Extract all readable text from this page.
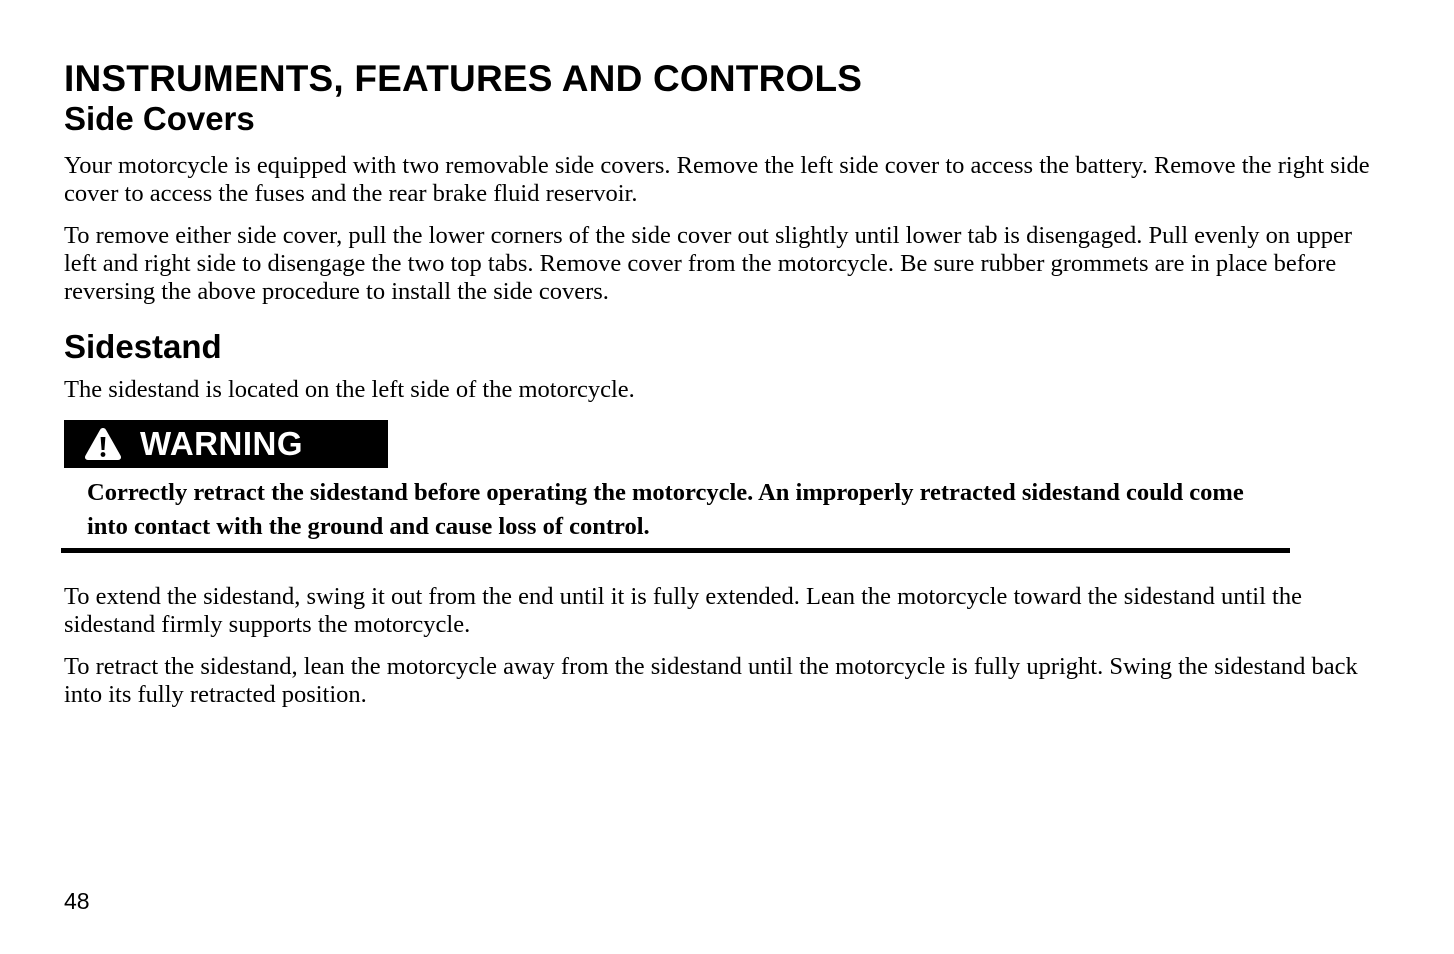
INSTRUMENTS, FEATURES AND CONTROLS
Side Covers

Your motorcycle is equipped with two removable side covers. Remove the left side cover to access the battery. Remove the right side cover to access the fuses and the rear brake fluid reservoir.

To remove either side cover, pull the lower corners of the side cover out slightly until lower tab is disengaged. Pull evenly on upper left and right side to disengage the two top tabs. Remove cover from the motorcycle. Be sure rubber grommets are in place before reversing the above procedure to install the side covers.

Sidestand

The sidestand is located on the left side of the motorcycle.

WARNING

Correctly retract the sidestand before operating the motorcycle. An improperly retracted sidestand could come into contact with the ground and cause loss of control.

To extend the sidestand, swing it out from the end until it is fully extended. Lean the motorcycle toward the sidestand until the sidestand firmly supports the motorcycle.

To retract the sidestand, lean the motorcycle away from the sidestand until the motorcycle is fully upright. Swing the sidestand back into its fully retracted position.

48
